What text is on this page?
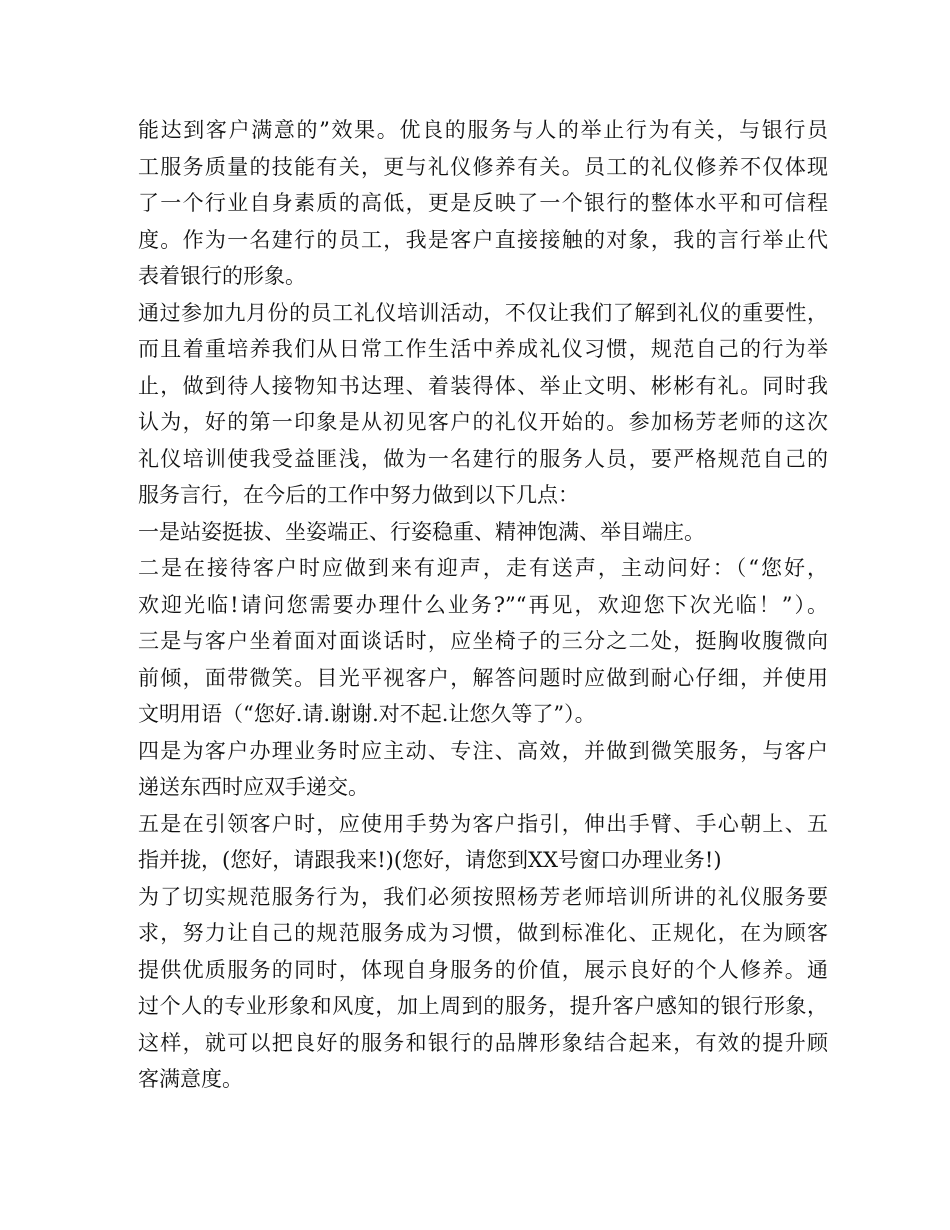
能达到客户满意的”效果。优良的服务与人的举止行为有关，与银行员
工服务质量的技能有关，更与礼仪修养有关。员工的礼仪修养不仅体现
了一个行业自身素质的高低，更是反映了一个银行的整体水平和可信程
度。作为一名建行的员工，我是客户直接接触的对象，我的言行举止代
表着银行的形象。
通过参加九月份的员工礼仪培训活动，不仅让我们了解到礼仪的重要性，
而且着重培养我们从日常工作生活中养成礼仪习惯，规范自己的行为举
止，做到待人接物知书达理、着装得体、举止文明、彬彬有礼。同时我
认为，好的第一印象是从初见客户的礼仪开始的。参加杨芳老师的这次
礼仪培训使我受益匪浅，做为一名建行的服务人员，要严格规范自己的
服务言行，在今后的工作中努力做到以下几点：
一是站姿挺拔、坐姿端正、行姿稳重、精神饱满、举目端庄。
二是在接待客户时应做到来有迎声，走有送声，主动问好：（“您好，
欢迎光临!请问您需要办理什么业务?”“再见，欢迎您下次光临！”）。
三是与客户坐着面对面谈话时，应坐椅子的三分之二处，挺胸收腹微向
前倾，面带微笑。目光平视客户，解答问题时应做到耐心仔细，并使用
文明用语（“您好.请.谢谢.对不起.让您久等了”）。
四是为客户办理业务时应主动、专注、高效，并做到微笑服务，与客户
递送东西时应双手递交。
五是在引领客户时，应使用手势为客户指引，伸出手臂、手心朝上、五
指并拢，(您好，请跟我来!)(您好，请您到XX号窗口办理业务!)
为了切实规范服务行为，我们必须按照杨芳老师培训所讲的礼仪服务要
求，努力让自己的规范服务成为习惯，做到标准化、正规化，在为顾客
提供优质服务的同时，体现自身服务的价值，展示良好的个人修养。通
过个人的专业形象和风度，加上周到的服务，提升客户感知的银行形象，
这样，就可以把良好的服务和银行的品牌形象结合起来，有效的提升顾
客满意度。
